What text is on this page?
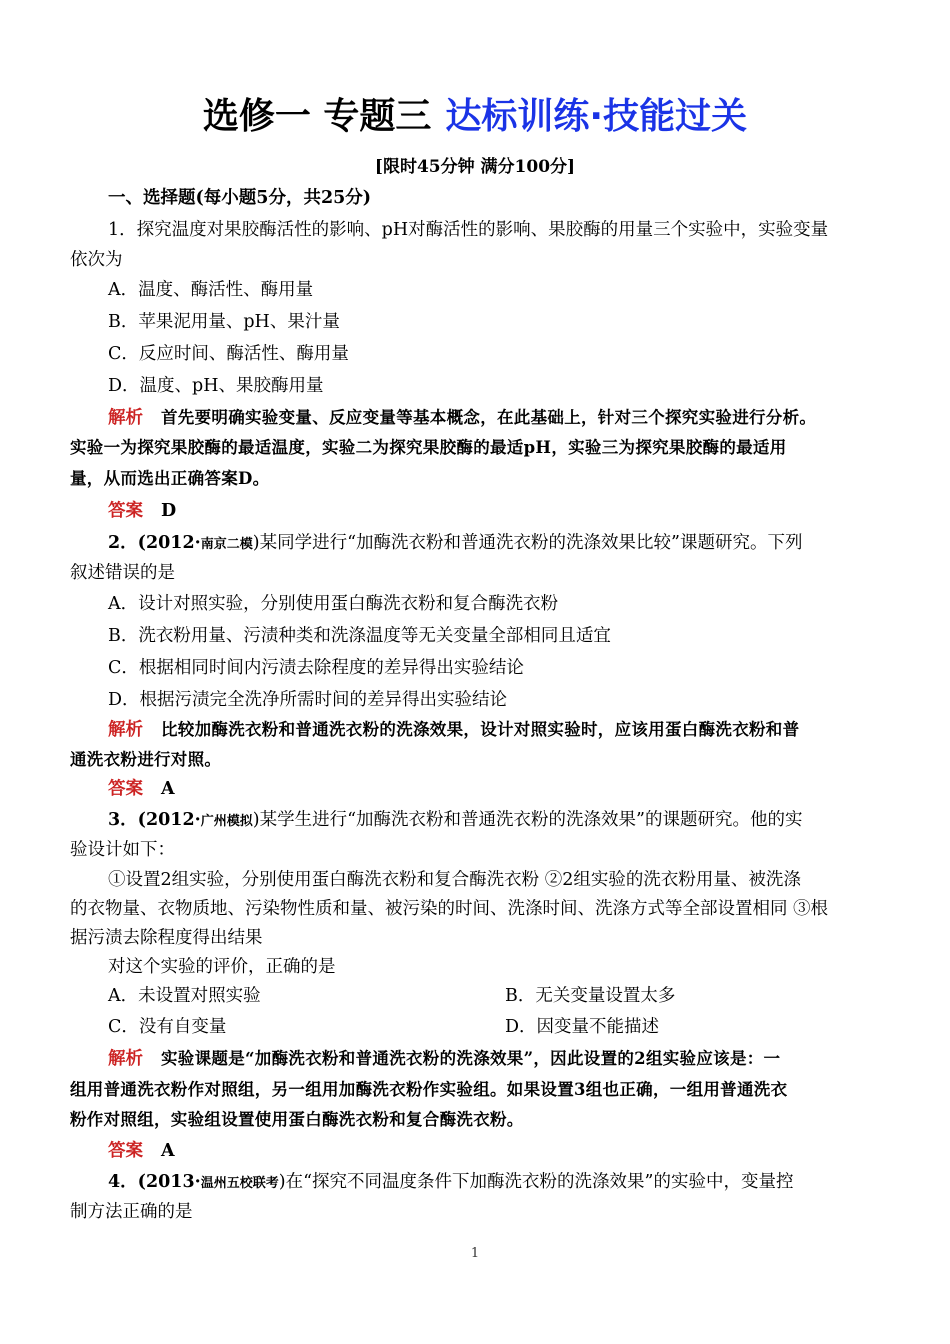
选修一 专题三 达标训练·技能过关
[限时45分钟 满分100分]
一、选择题(每小题5分，共25分)
1．探究温度对果胶酶活性的影响、pH对酶活性的影响、果胶酶的用量三个实验中，实验变量
依次为
A．温度、酶活性、酶用量
B．苹果泥用量、pH、果汁量
C．反应时间、酶活性、酶用量
D．温度、pH、果胶酶用量
解析 首先要明确实验变量、反应变量等基本概念，在此基础上，针对三个探究实验进行分析。
实验一为探究果胶酶的最适温度，实验二为探究果胶酶的最适pH，实验三为探究果胶酶的最适用
量，从而选出正确答案D。
答案 D
2．(2012·南京二模)某同学进行“加酶洗衣粉和普通洗衣粉的洗涤效果比较”课题研究。下列
叙述错误的是
A．设计对照实验，分别使用蛋白酶洗衣粉和复合酶洗衣粉
B．洗衣粉用量、污渍种类和洗涤温度等无关变量全部相同且适宜
C．根据相同时间内污渍去除程度的差异得出实验结论
D．根据污渍完全洗净所需时间的差异得出实验结论
解析 比较加酶洗衣粉和普通洗衣粉的洗涤效果，设计对照实验时，应该用蛋白酶洗衣粉和普
通洗衣粉进行对照。
答案 A
3．(2012·广州模拟)某学生进行“加酶洗衣粉和普通洗衣粉的洗涤效果”的课题研究。他的实
验设计如下：
①设置2组实验，分别使用蛋白酶洗衣粉和复合酶洗衣粉 ②2组实验的洗衣粉用量、被洗涤
的衣物量、衣物质地、污染物性质和量、被污染的时间、洗涤时间、洗涤方式等全部设置相同 ③根
据污渍去除程度得出结果
对这个实验的评价，正确的是
A．未设置对照实验	B．无关变量设置太多
C．没有自变量	D．因变量不能描述
解析 实验课题是“加酶洗衣粉和普通洗衣粉的洗涤效果”，因此设置的2组实验应该是：一
组用普通洗衣粉作对照组，另一组用加酶洗衣粉作实验组。如果设置3组也正确，一组用普通洗衣
粉作对照组，实验组设置使用蛋白酶洗衣粉和复合酶洗衣粉。
答案 A
4．(2013·温州五校联考)在“探究不同温度条件下加酶洗衣粉的洗涤效果”的实验中，变量控
制方法正确的是
1
